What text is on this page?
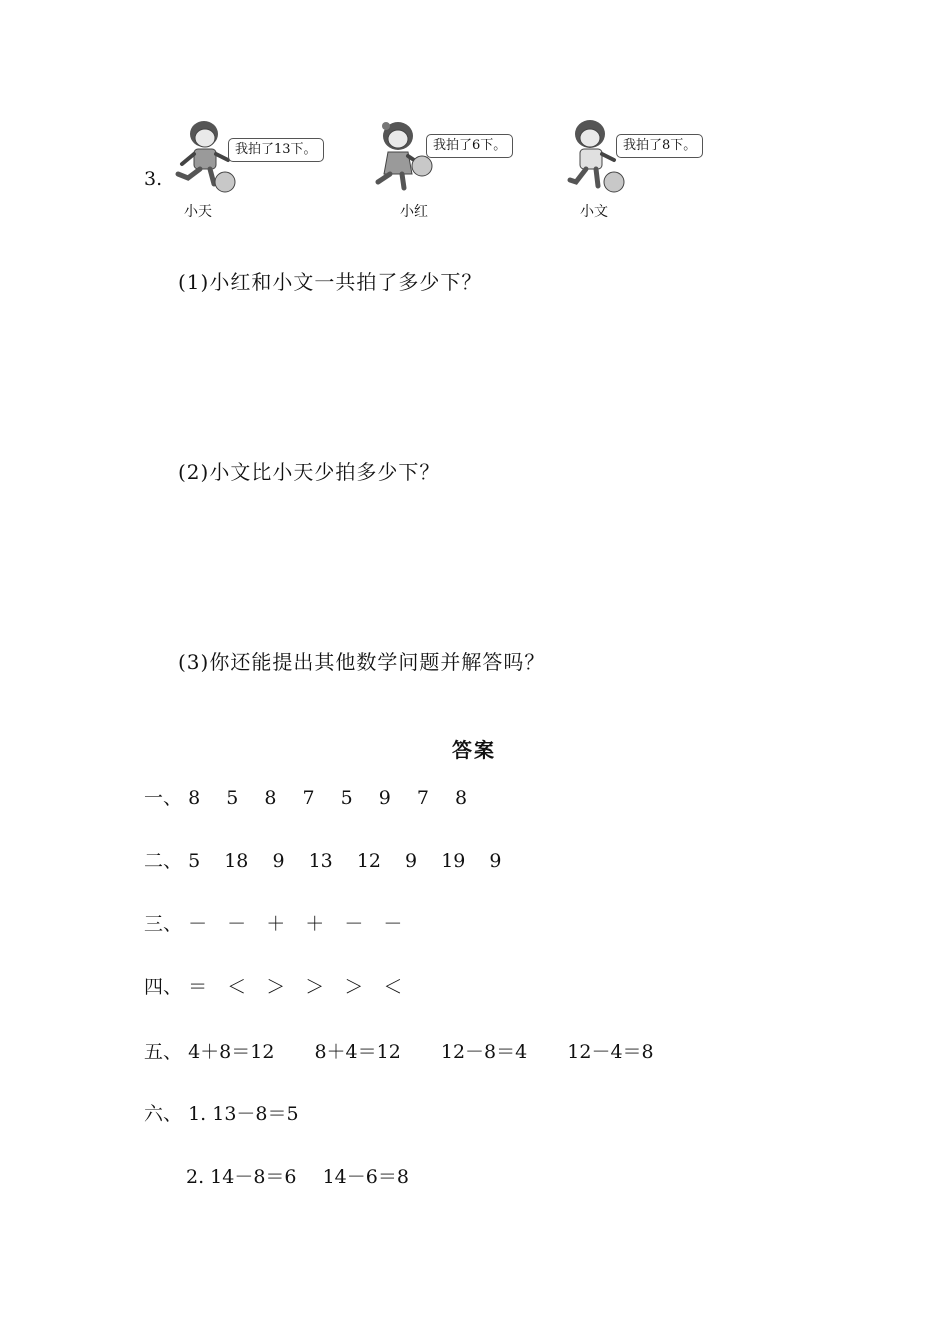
3.
我拍了13下。
小天
我拍了6下。
小红
我拍了8下。
小文
(1)小红和小文一共拍了多少下？
(2)小文比小天少拍多少下？
(3)你还能提出其他数学问题并解答吗？
答案
一、 8 5 8 7 5 9 7 8
二、 5 18 9 13 12 9 19 9
三、 － － ＋ ＋ － －
四、 ＝ ＜ ＞ ＞ ＞ ＜
五、 4＋8＝12 8＋4＝12 12－8＝4 12－4＝8
六、 1. 13－8＝5
2. 14－8＝6 14－6＝8
